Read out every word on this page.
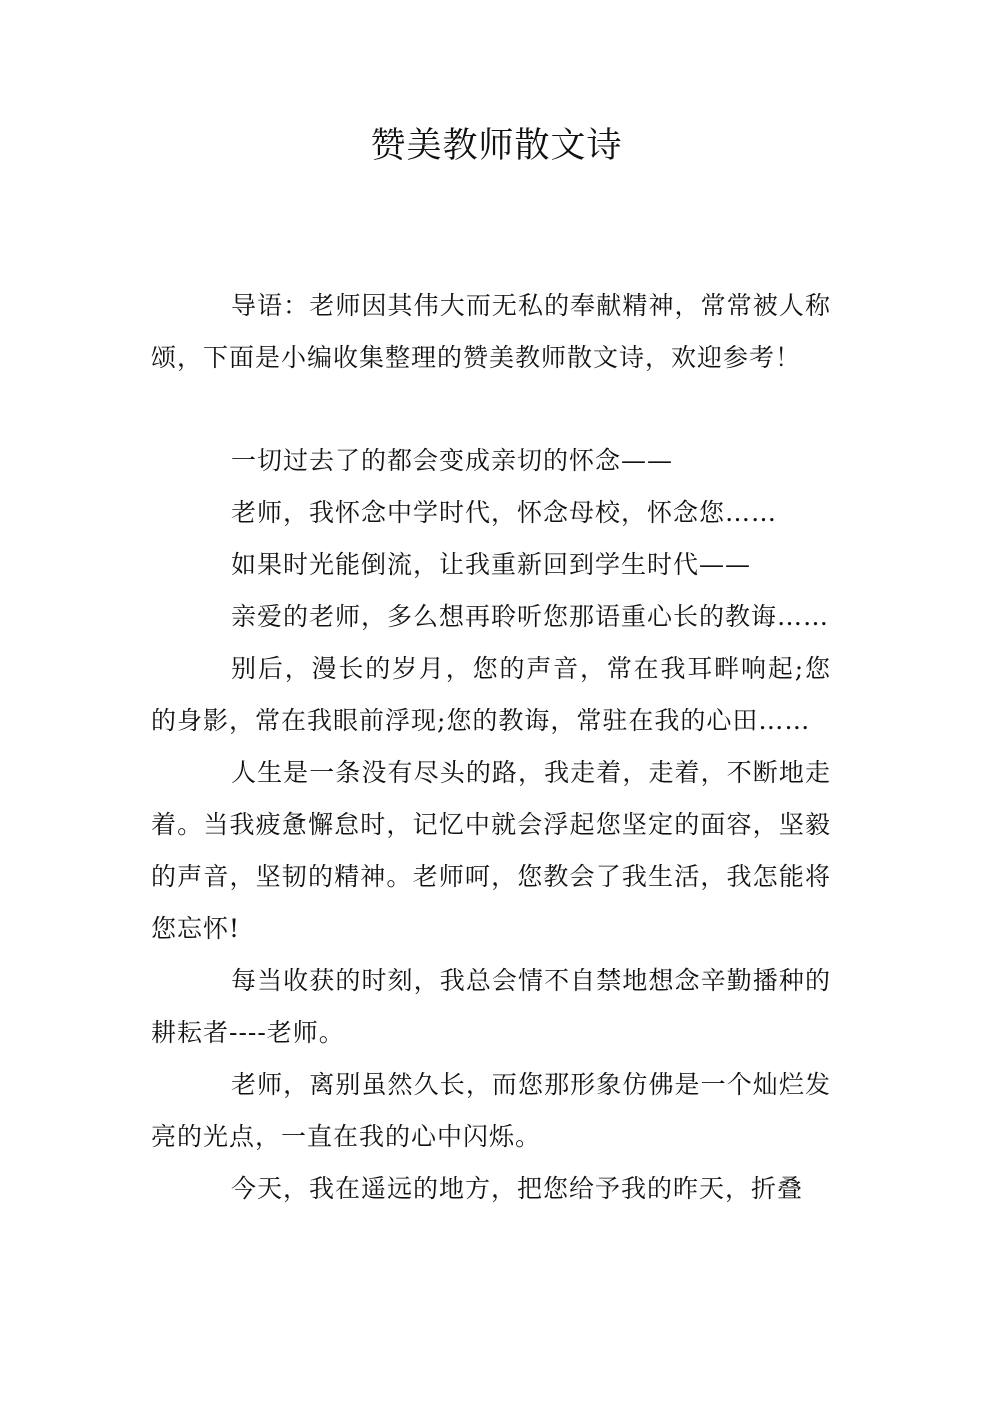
赞美教师散文诗

导语：老师因其伟大而无私的奉献精神，常常被人称颂，下面是小编收集整理的赞美教师散文诗，欢迎参考！

一切过去了的都会变成亲切的怀念——

老师，我怀念中学时代，怀念母校，怀念您……

如果时光能倒流，让我重新回到学生时代——

亲爱的老师，多么想再聆听您那语重心长的教诲……

别后，漫长的岁月，您的声音，常在我耳畔响起;您的身影，常在我眼前浮现;您的教诲，常驻在我的心田……

人生是一条没有尽头的路，我走着，走着，不断地走着。当我疲惫懈怠时，记忆中就会浮起您坚定的面容，坚毅的声音，坚韧的精神。老师呵，您教会了我生活，我怎能将您忘怀!

每当收获的时刻，我总会情不自禁地想念辛勤播种的耕耘者----老师。

老师，离别虽然久长，而您那形象仿佛是一个灿烂发亮的光点，一直在我的心中闪烁。

今天，我在遥远的地方，把您给予我的昨天，折叠
